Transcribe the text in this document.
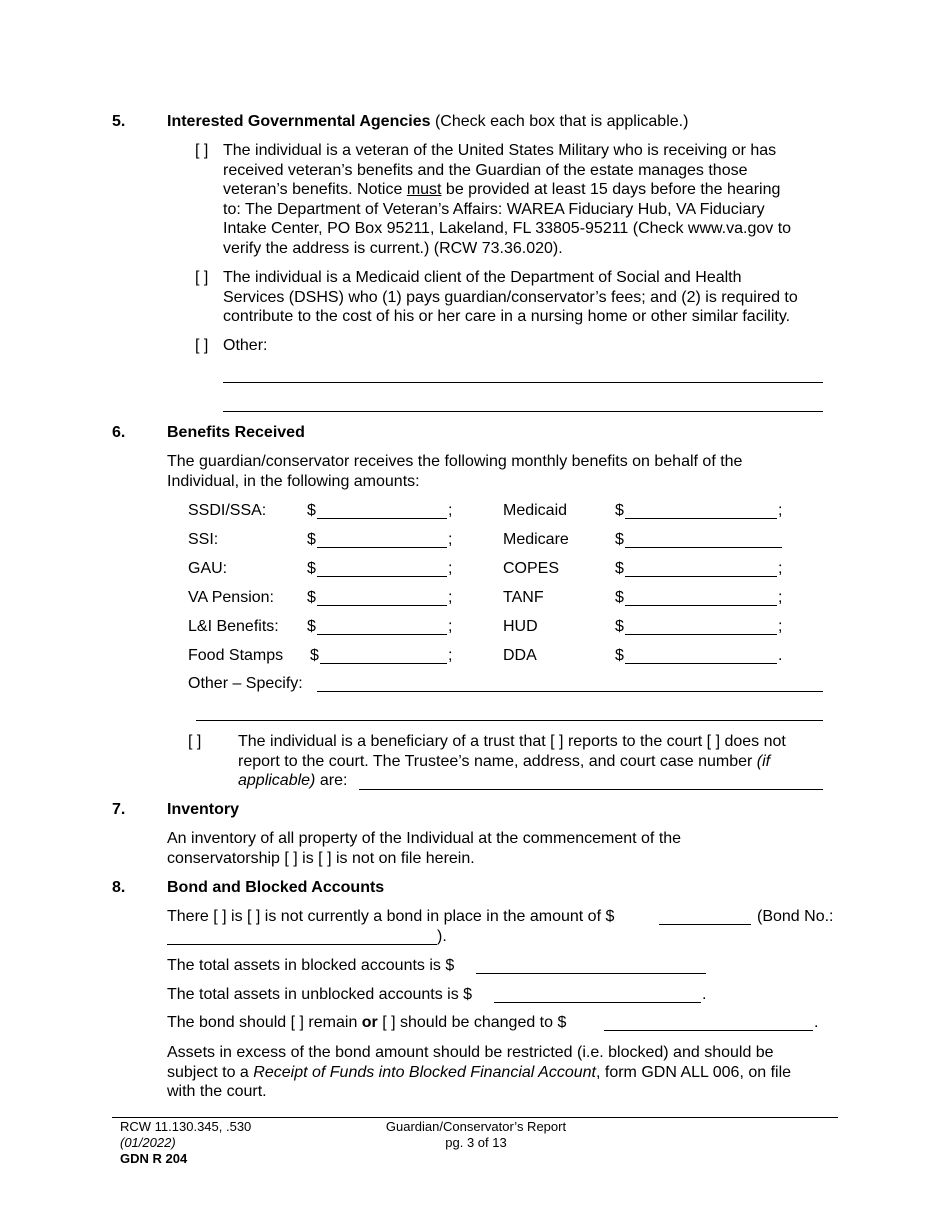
5.	Interested Governmental Agencies (Check each box that is applicable.)
[ ] The individual is a veteran of the United States Military who is receiving or has
received veteran’s benefits and the Guardian of the estate manages those
veteran’s benefits. Notice must be provided at least 15 days before the hearing
to: The Department of Veteran’s Affairs: WAREA Fiduciary Hub, VA Fiduciary
Intake Center, PO Box 95211, Lakeland, FL 33805-95211 (Check www.va.gov to
verify the address is current.) (RCW 73.36.020).
[ ] The individual is a Medicaid client of the Department of Social and Health
Services (DSHS) who (1) pays guardian/conservator’s fees; and (2) is required to
contribute to the cost of his or her care in a nursing home or other similar facility.
[ ] Other:
6.	Benefits Received
The guardian/conservator receives the following monthly benefits on behalf of the
Individual, in the following amounts:
SSDI/SSA:	$	;	Medicaid	$	;
SSI:	$	;	Medicare	$
GAU:	$	;	COPES	$	;
VA Pension: $	;	TANF	$	;
L&I Benefits: $	;	HUD	$	;
Food Stamps $	;	DDA	$	.
Other – Specify:
[ ] The individual is a beneficiary of a trust that [ ] reports to the court [ ] does not
report to the court. The Trustee’s name, address, and court case number (if
applicable) are:
7.	Inventory
An inventory of all property of the Individual at the commencement of the
conservatorship [ ] is [ ] is not on file herein.
8.	Bond and Blocked Accounts
There [ ] is [ ] is not currently a bond in place in the amount of $	(Bond No.:
).
The total assets in blocked accounts is $
The total assets in unblocked accounts is $	.
The bond should [ ] remain or [ ] should be changed to $	.
Assets in excess of the bond amount should be restricted (i.e. blocked) and should be
subject to a Receipt of Funds into Blocked Financial Account, form GDN ALL 006, on file
with the court.
RCW 11.130.345, .530
(01/2022)
GDN R 204
Guardian/Conservator’s Report
pg. 3 of 13
